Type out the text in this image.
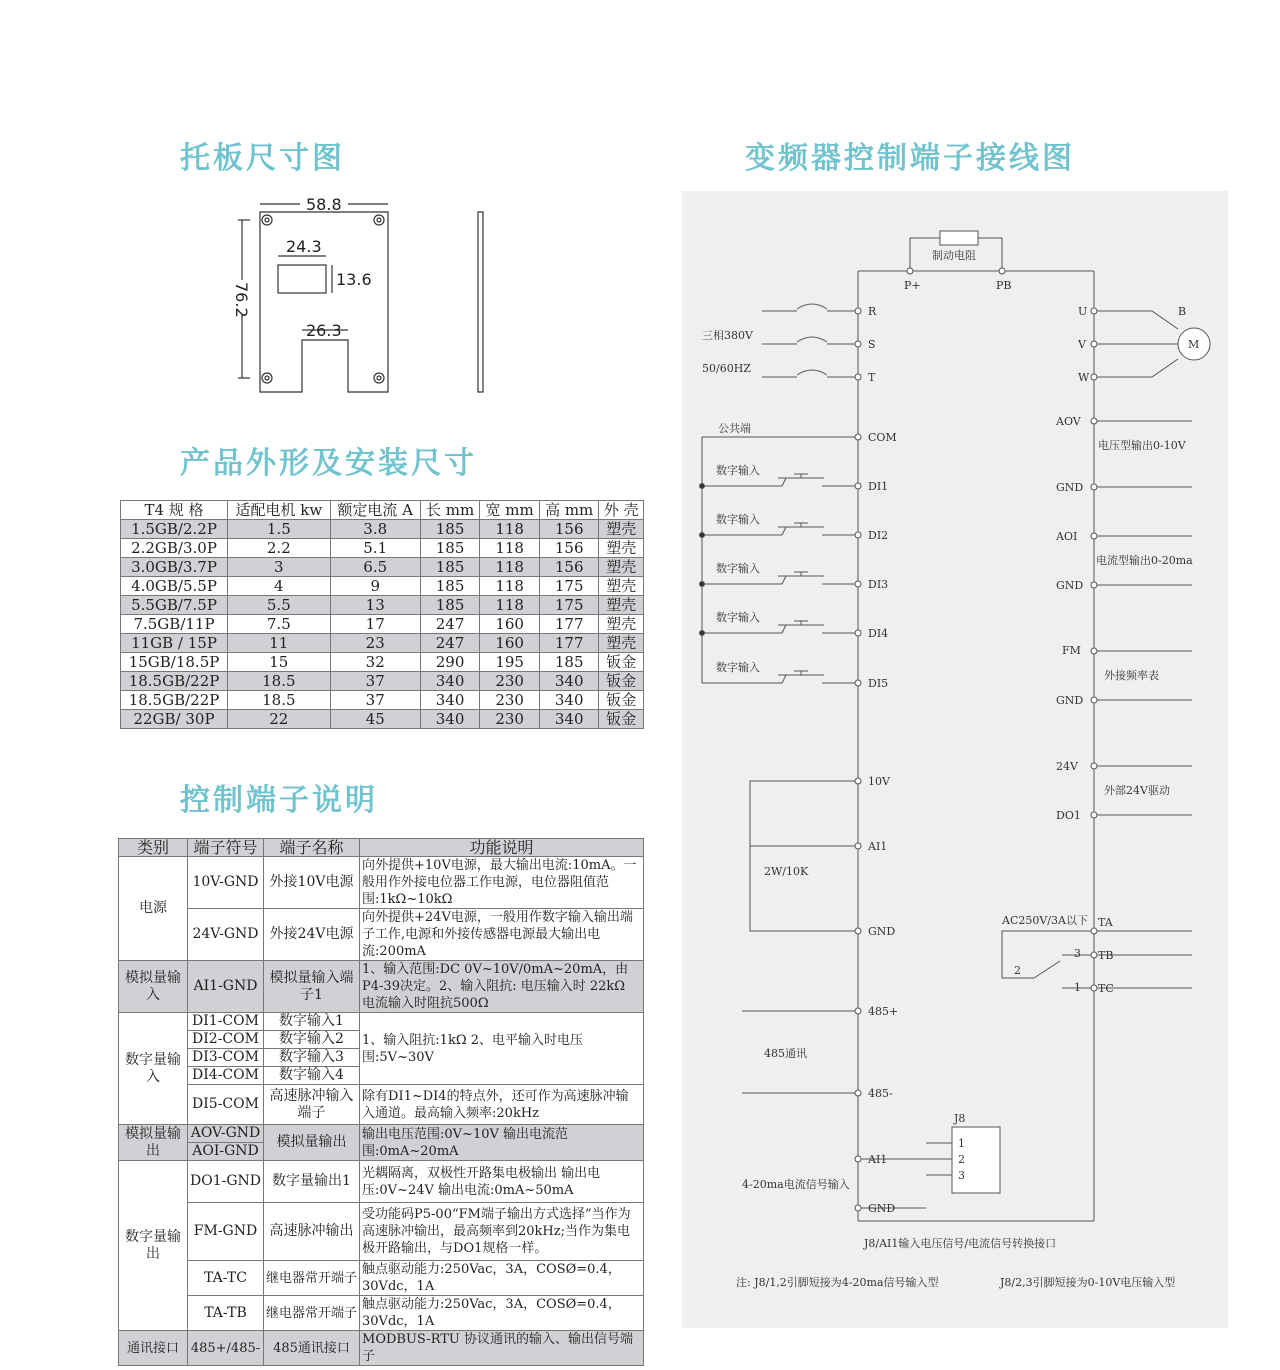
托板尺寸图	变频器控制端子接线图
产品外形及安装尺寸
控制端子说明
58.8
24.3
13.6
26.3
76.2
T4 规 格	适配电机 kw	额定电流 A	长 mm	宽 mm	高 mm	外 壳
1.5GB/2.2P	1.5	3.8	185	118	156	塑壳
2.2GB/3.0P	2.2	5.1	185	118	156	塑壳
3.0GB/3.7P	3	6.5	185	118	156	塑壳
4.0GB/5.5P	4	9	185	118	175	塑壳
5.5GB/7.5P	5.5	13	185	118	175	塑壳
7.5GB/11P	7.5	17	247	160	177	塑壳
11GB / 15P	11	23	247	160	177	塑壳
15GB/18.5P	15	32	290	195	185	钣金
18.5GB/22P	18.5	37	340	230	340	钣金
18.5GB/22P	18.5	37	340	230	340	钣金
22GB/ 30P	22	45	340	230	340	钣金
类别	端子符号	端子名称	功能说明
电源	10V-GND	外接10V电源	向外提供+10V电源，最大输出电流:10mA。一般用作外接电位器工作电源，电位器阻值范围:1kΩ~10kΩ
	24V-GND	外接24V电源	向外提供+24V电源，一般用作数字输入输出端子工作,电源和外接传感器电源最大输出电流:200mA
模拟量输入	AI1-GND	模拟量输入端子1	1、输入范围:DC 0V~10V/0mA~20mA，由P4-39决定。2、输入阻抗: 电压输入时 22kΩ 电流输入时阻抗500Ω
数字量输入	DI1-COM	数字输入1	1、输入阻抗:1kΩ 2、电平输入时电压围:5V~30V
	DI2-COM	数字输入2	
	DI3-COM	数字输入3	
	DI4-COM	数字输入4	
	DI5-COM	高速脉冲输入端子	除有DI1~DI4的特点外，还可作为高速脉冲输入通道。最高输入频率:20kHz
模拟量输出	AOV-GND	模拟量输出	输出电压范围:0V~10V 输出电流范围:0mA~20mA
	AOI-GND		
数字量输出	DO1-GND	数字量输出1	光耦隔离，双极性开路集电极输出 输出电压:0V~24V 输出电流:0mA~50mA
	FM-GND	高速脉冲输出	受功能码P5-00“FM端子输出方式选择”当作为高速脉冲输出，最高频率到20kHz;当作为集电极开路输出，与DO1规格一样。
	TA-TC	继电器常开端子	触点驱动能力:250Vac，3A，COSØ=0.4，30Vdc，1A
	TA-TB	继电器常开端子	触点驱动能力:250Vac，3A，COSØ=0.4，30Vdc，1A
通讯接口	485+/485-	485通讯接口	MODBUS-RTU 协议通讯的输入、输出信号端子
制动电阻
P+	PB
R
S
T
三相380V
50/60HZ
U
V
W
M
B
COM
公共端
数字输入
DI1
数字输入
DI2
数字输入
DI3
数字输入
DI4
数字输入
DI5
AOV
电压型输出0-10V
GND
AOI
电流型输出0-20ma
GND
FM
外接频率表
GND
24V
外部24V驱动
DO1
10V
AI1
2W/10K
GND
AC250V/3A以下 TA
TB
TC
3
2
1
485+
485-
485通讯
J8
1
2
3
AI1
4-20ma电流信号输入
GND
J8/AI1输入电压信号/电流信号转换接口
注: J8/1,2引脚短接为4-20ma信号输入型	J8/2,3引脚短接为0-10V电压输入型
